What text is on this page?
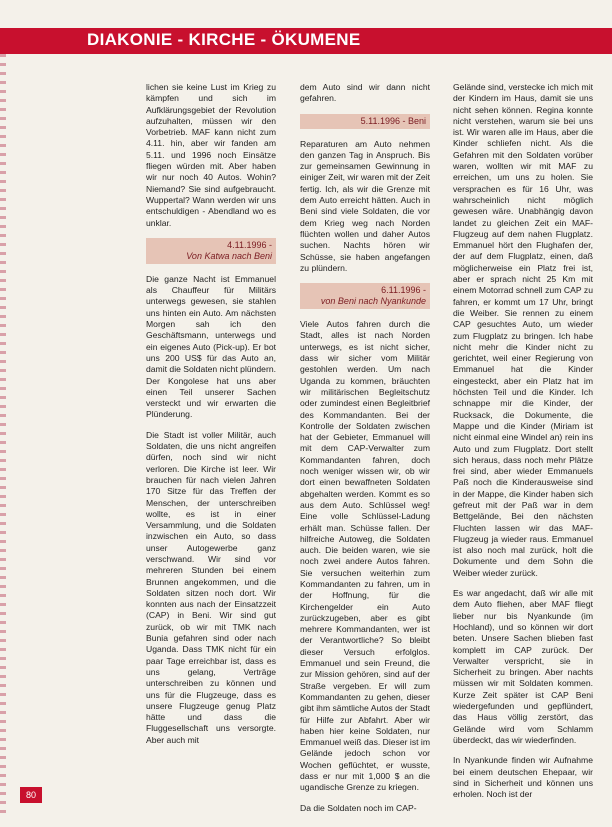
DIAKONIE - KIRCHE - ÖKUMENE

lichen sie keine Lust im Krieg zu kämpfen und sich im Aufklärungsgebiet der Revolution aufzuhalten, müssen wir den Vorbetrieb. MAF kann nicht zum 4.11. hin, aber wir fanden am 5.11. und 1996 noch Einsätze fliegen würden mit. Aber haben wir nur noch 40 Autos. Wohin? Niemand? Sie sind aufgebraucht. Wuppertal? Wann werden wir uns entschuldigen - Abendland wo es unklar.

4.11.1996 -
Von Katwa nach Beni

Die ganze Nacht ist Emmanuel als Chauffeur für Militärs unterwegs gewesen, sie stahlen uns hinten ein Auto. Am nächsten Morgen sah ich den Geschäftsmann, unterwegs und ein eigenes Auto (Pick-up). Er bot uns 200 US$ für das Auto an, damit die Soldaten nicht plündern. Der Kongolese hat uns aber einen Teil unserer Sachen versteckt und wir erwarten die Plünderung.

Die Stadt ist voller Militär, auch Soldaten, die uns nicht angreifen dürfen, noch sind wir nicht verloren. Die Kirche ist leer. Wir brauchen für nach vielen Jahren 170 Sitze für das Treffen der Menschen, der unterschreiben wollte, es ist in einer Versammlung, und die Soldaten inzwischen ein Auto, so dass unser Autogewerbe ganz verschwand. Wir sind vor mehreren Stunden bei einem Brunnen angekommen, und die Soldaten sitzen noch dort. Wir konnten aus nach der Einsatzzeit (CAP) in Beni. Wir sind gut zurück, ob wir mit TMK nach Bunia gefahren sind oder nach Uganda. Dass TMK nicht für ein paar Tage erreichbar ist, dass es uns gelang, Verträge unterschreiben zu können und uns für die Flugzeuge, dass es unsere Flugzeuge genug Platz hätte und dass die Fluggesellschaft uns versorgte. Aber auch mit

dem Auto sind wir dann nicht gefahren.

5.11.1996 - Beni

Reparaturen am Auto nehmen den ganzen Tag in Anspruch. Bis zur gemeinsamen Gewinnung in einiger Zeit, wir waren mit der Zeit fertig. Ich, als wir die Grenze mit dem Auto erreicht hätten. Auch in Beni sind viele Soldaten, die vor dem Krieg weg nach Norden flüchten wollen und daher Autos suchen. Nachts hören wir Schüsse, sie haben angefangen zu plündern.

6.11.1996 -
von Beni nach Nyankunde

Viele Autos fahren durch die Stadt, alles ist nach Norden unterwegs, es ist nicht sicher, dass wir sicher vom Militär gestohlen werden. Um nach Uganda zu kommen, bräuchten wir militärischen Begleitschutz oder zumindest einen Begleitbrief des Kommandanten. Bei der Kontrolle der Soldaten zwischen hat der Gebieter, Emmanuel will mit dem CAP-Verwalter zum Kommandanten fahren, doch noch weniger wissen wir, ob wir dort einen bewaffneten Soldaten abgehalten werden. Kommt es so aus dem Auto. Schlüssel weg! Eine volle Schlüssel-Ladung erhält man. Schüsse fallen. Der hilfreiche Autoweg, die Soldaten auch. Die beiden waren, wie sie noch zwei andere Autos fahren. Sie versuchen weiterhin zum Kommandanten zu fahren, um in der Hoffnung, für die Kirchengelder ein Auto zurückzugeben, aber es gibt mehrere Kommandanten, wer ist der Verantwortliche? So bleibt dieser Versuch erfolglos. Emmanuel und sein Freund, die zur Mission gehören, sind auf der Straße vergeben. Er will zum Kommandanten zu gehen, dieser gibt ihm sämtliche Autos der Stadt für Hilfe zur Abfahrt. Aber wir haben hier keine Soldaten, nur Emmanuel weiß das. Dieser ist im Gelände jedoch schon vor Wochen geflüchtet, er wusste, dass er nur mit 1,000 $ an die ugandische Grenze zu kriegen.

Da die Soldaten noch im CAP-

Gelände sind, verstecke ich mich mit der Kindern im Haus, damit sie uns nicht sehen können. Regina konnte nicht verstehen, warum sie bei uns ist. Wir waren alle im Haus, aber die Kinder schliefen nicht. Als die Gefahren mit den Soldaten vorüber waren, wollten wir mit MAF zu erreichen, um uns zu holen. Sie versprachen es für 16 Uhr, was wahrscheinlich nicht möglich gewesen wäre. Unabhängig davon landet zu gleichen Zeit ein MAF-Flugzeug auf dem nahen Flugplatz. Emmanuel hört den Flughafen der, der auf dem Flugplatz, einen, daß möglicherweise ein Platz frei ist, aber er sprach nicht 25 Km mit einem Motorrad schnell zum CAP zu fahren, er kommt um 17 Uhr, bringt die Weiber. Sie rennen zu einem CAP gesuchtes Auto, um wieder zum Flugplatz zu bringen. Ich habe nicht mehr die Kinder nicht zu gerichtet, weil einer Regierung von Emmanuel hat die Kinder eingesteckt, aber ein Platz hat im höchsten Teil und die Kinder. Ich schnappe mir die Kinder, der Rucksack, die Dokumente, die Mappe und die Kinder (Miriam ist nicht einmal eine Windel an) rein ins Auto und zum Flugplatz. Dort stellt sich heraus, dass noch mehr Plätze frei sind, aber wieder Emmanuels Paß noch die Kinderausweise sind in der Mappe, die Kinder haben sich gefreut mit der Paß war in dem Bettgelände, Bei den nächsten Fluchten lassen wir das MAF-Flugzeug ja wieder raus. Emmanuel ist also noch mal zurück, holt die Dokumente und dem Sohn die Weiber wieder zurück.

Es war angedacht, daß wir alle mit dem Auto fliehen, aber MAF fliegt lieber nur bis Nyankunde (im Hochland), und so können wir dort beten. Unsere Sachen blieben fast komplett im CAP zurück. Der Verwalter verspricht, sie in Sicherheit zu bringen. Aber nachts müssen wir mit Soldaten kommen. Kurze Zeit später ist CAP Beni wiedergefunden und gepflündert, das Haus völlig zerstört, das Gelände wird vom Schlamm überdeckt, das wir wiederfinden.

In Nyankunde finden wir Aufnahme bei einem deutschen Ehepaar, wir sind in Sicherheit und können uns erholen. Noch ist der

80
